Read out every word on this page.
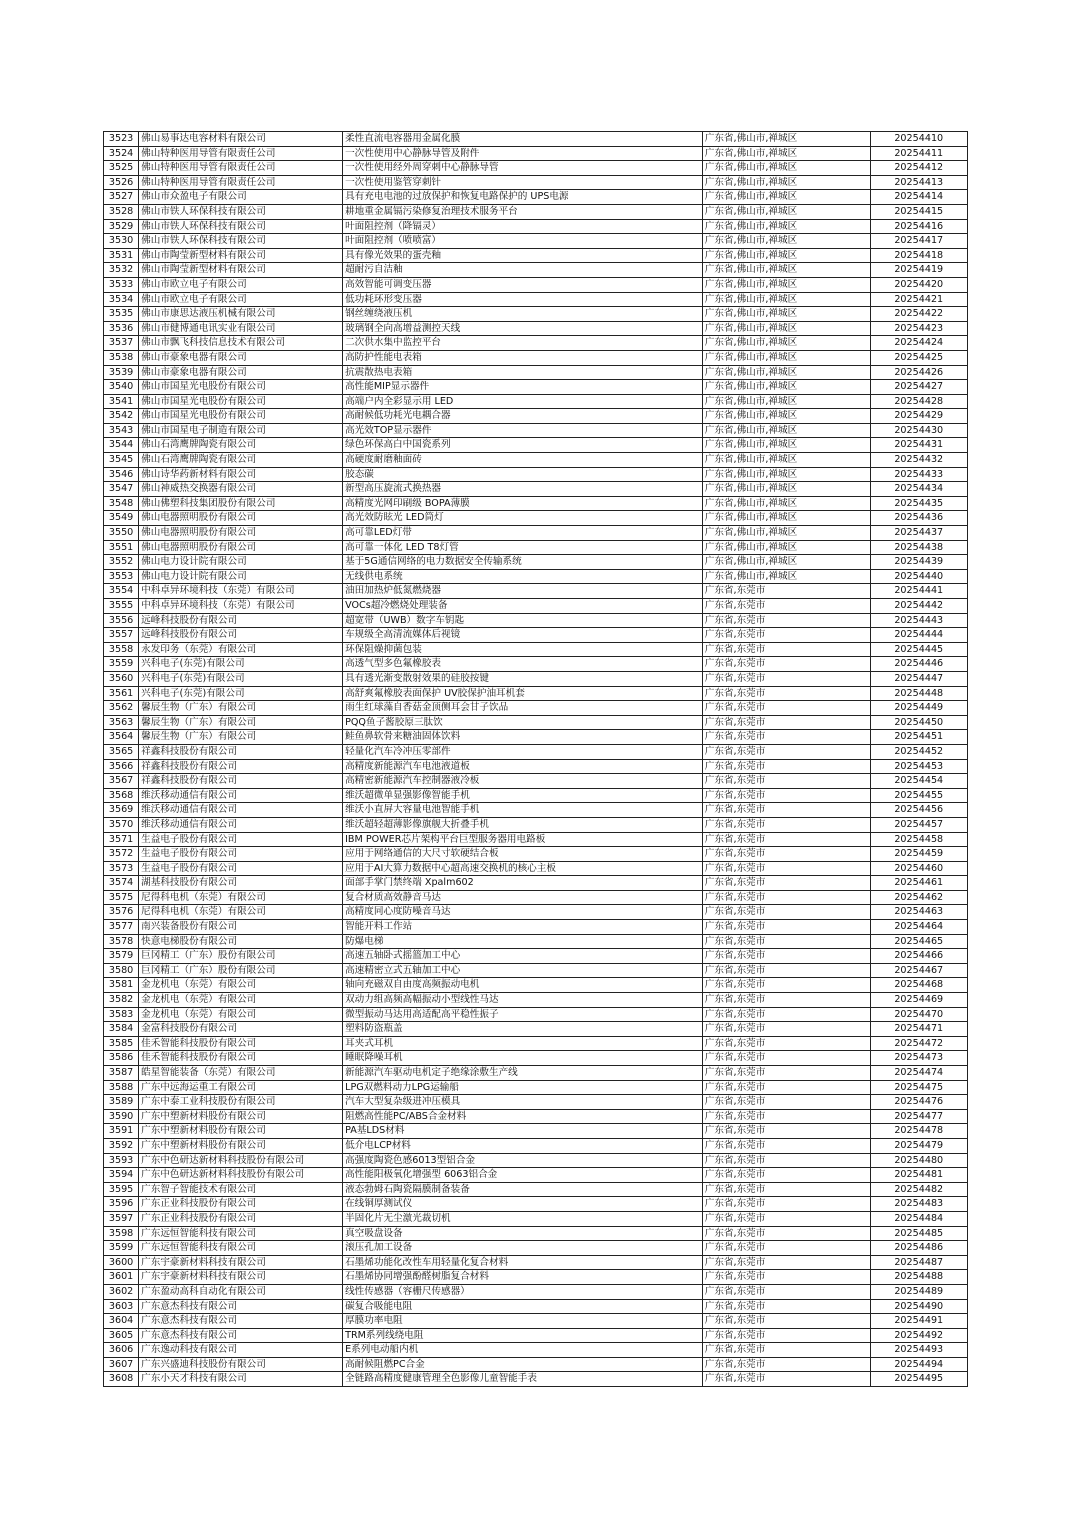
3523	佛山易事达电容材料有限公司	柔性直流电容器用金属化膜	广东省,佛山市,禅城区	20254410
3524	佛山特种医用导管有限责任公司	一次性使用中心静脉导管及附件	广东省,佛山市,禅城区	20254411
3525	佛山特种医用导管有限责任公司	一次性使用经外周穿刺中心静脉导管	广东省,佛山市,禅城区	20254412
3526	佛山特种医用导管有限责任公司	一次性使用鉴管穿刺针	广东省,佛山市,禅城区	20254413
3527	佛山市众盈电子有限公司	具有充电电池的过放保护和恢复电路保护的 UPS电源	广东省,佛山市,禅城区	20254414
3528	佛山市铁人环保科技有限公司	耕地重金属镉污染修复治理技术服务平台	广东省,佛山市,禅城区	20254415
3529	佛山市铁人环保科技有限公司	叶面阻控剂（降镉灵）	广东省,佛山市,禅城区	20254416
3530	佛山市铁人环保科技有限公司	叶面阻控剂（喷喷富）	广东省,佛山市,禅城区	20254417
3531	佛山市陶莹新型材料有限公司	具有像光效果的蛋壳釉	广东省,佛山市,禅城区	20254418
3532	佛山市陶莹新型材料有限公司	超耐污自洁釉	广东省,佛山市,禅城区	20254419
3533	佛山市欧立电子有限公司	高效智能可调变压器	广东省,佛山市,禅城区	20254420
3534	佛山市欧立电子有限公司	低功耗环形变压器	广东省,佛山市,禅城区	20254421
3535	佛山市康思达液压机械有限公司	钢丝缠绕液压机	广东省,佛山市,禅城区	20254422
3536	佛山市健博通电讯实业有限公司	玻璃钢全向高增益测控天线	广东省,佛山市,禅城区	20254423
3537	佛山市飘飞科技信息技术有限公司	二次供水集中监控平台	广东省,佛山市,禅城区	20254424
3538	佛山市豪象电器有限公司	高防护性能电表箱	广东省,佛山市,禅城区	20254425
3539	佛山市豪象电器有限公司	抗震散热电表箱	广东省,佛山市,禅城区	20254426
3540	佛山市国星光电股份有限公司	高性能MIP显示器件	广东省,佛山市,禅城区	20254427
3541	佛山市国星光电股份有限公司	高端户内全彩显示用 LED	广东省,佛山市,禅城区	20254428
3542	佛山市国星光电股份有限公司	高耐候低功耗光电耦合器	广东省,佛山市,禅城区	20254429
3543	佛山市国星电子制造有限公司	高光效TOP显示器件	广东省,佛山市,禅城区	20254430
3544	佛山石湾鹰牌陶瓷有限公司	绿色环保高白中国瓷系列	广东省,佛山市,禅城区	20254431
3545	佛山石湾鹰牌陶瓷有限公司	高硬度耐磨釉面砖	广东省,佛山市,禅城区	20254432
3546	佛山诗华药新材料有限公司	胶态碳	广东省,佛山市,禅城区	20254433
3547	佛山神威热交换器有限公司	新型高压旋流式换热器	广东省,佛山市,禅城区	20254434
3548	佛山佛塑科技集团股份有限公司	高精度光网印刷级 BOPA薄膜	广东省,佛山市,禅城区	20254435
3549	佛山电器照明股份有限公司	高光效防眩光 LED筒灯	广东省,佛山市,禅城区	20254436
3550	佛山电器照明股份有限公司	高可靠LED灯带	广东省,佛山市,禅城区	20254437
3551	佛山电器照明股份有限公司	高可靠一体化 LED T8灯管	广东省,佛山市,禅城区	20254438
3552	佛山电力设计院有限公司	基于5G通信网络的电力数据安全传输系统	广东省,佛山市,禅城区	20254439
3553	佛山电力设计院有限公司	无线供电系统	广东省,佛山市,禅城区	20254440
3554	中科卓异环境科技（东莞）有限公司	油田加热炉低氮燃烧器	广东省,东莞市	20254441
3555	中科卓异环境科技（东莞）有限公司	VOCs超冷燃烧处理装备	广东省,东莞市	20254442
3556	远峰科技股份有限公司	超宽带（UWB）数字车钥匙	广东省,东莞市	20254443
3557	远峰科技股份有限公司	车规级全高清流媒体后视镜	广东省,东莞市	20254444
3558	永发印务（东莞）有限公司	环保阻燥抑菌包装	广东省,东莞市	20254445
3559	兴科电子(东莞)有限公司	高透气型多色氟橡胶表	广东省,东莞市	20254446
3560	兴科电子(东莞)有限公司	具有透光渐变散射效果的硅胶按键	广东省,东莞市	20254447
3561	兴科电子(东莞)有限公司	高舒爽氟橡胶表面保护 UV胶保护油耳机套	广东省,东莞市	20254448
3562	馨辰生物（广东）有限公司	雨生红球藻自香菇金顶侧耳会甘子饮品	广东省,东莞市	20254449
3563	馨辰生物（广东）有限公司	PQQ鱼子酱胶原三肽饮	广东省,东莞市	20254450
3564	馨辰生物（广东）有限公司	鲑鱼鼻软骨来糖油固体饮料	广东省,东莞市	20254451
3565	祥鑫科技股份有限公司	轻量化汽车冷冲压零部件	广东省,东莞市	20254452
3566	祥鑫科技股份有限公司	高精度新能源汽车电池液道板	广东省,东莞市	20254453
3567	祥鑫科技股份有限公司	高精密新能源汽车控制器液冷板	广东省,东莞市	20254454
3568	维沃移动通信有限公司	维沃超微单显强影像智能手机	广东省,东莞市	20254455
3569	维沃移动通信有限公司	维沃小直屏大容量电池智能手机	广东省,东莞市	20254456
3570	维沃移动通信有限公司	维沃超轻超薄影像旗舰大折叠手机	广东省,东莞市	20254457
3571	生益电子股份有限公司	IBM POWER芯片架构平台巨型服务器用电路板	广东省,东莞市	20254458
3572	生益电子股份有限公司	应用于网络通信的大尺寸软硬结合板	广东省,东莞市	20254459
3573	生益电子股份有限公司	应用于AI大算力数据中心超高速交换机的核心主板	广东省,东莞市	20254460
3574	湖基科技股份有限公司	面部手掌门禁终端 Xpalm602	广东省,东莞市	20254461
3575	尼得科电机（东莞）有限公司	复合材质高效静音马达	广东省,东莞市	20254462
3576	尼得科电机（东莞）有限公司	高精度同心度防噪音马达	广东省,东莞市	20254463
3577	南兴装备股份有限公司	智能开料工作站	广东省,东莞市	20254464
3578	快意电梯股份有限公司	防爆电梯	广东省,东莞市	20254465
3579	巨冈精工（广东）股份有限公司	高速五轴卧式摇篮加工中心	广东省,东莞市	20254466
3580	巨冈精工（广东）股份有限公司	高速精密立式五轴加工中心	广东省,东莞市	20254467
3581	金龙机电（东莞）有限公司	轴向充磁双自由度高频振动电机	广东省,东莞市	20254468
3582	金龙机电（东莞）有限公司	双动力组高频高幅振动小型线性马达	广东省,东莞市	20254469
3583	金龙机电（东莞）有限公司	微型振动马达用高适配高平稳性振子	广东省,东莞市	20254470
3584	金富科技股份有限公司	塑料防盗瓶盖	广东省,东莞市	20254471
3585	佳禾智能科技股份有限公司	耳夹式耳机	广东省,东莞市	20254472
3586	佳禾智能科技股份有限公司	睡眠降噪耳机	广东省,东莞市	20254473
3587	皓星智能装备（东莞）有限公司	新能源汽车驱动电机定子绝缘涂敷生产线	广东省,东莞市	20254474
3588	广东中远海运重工有限公司	LPG双燃料动力LPG运输船	广东省,东莞市	20254475
3589	广东中泰工业科技股份有限公司	汽车大型复杂级进冲压模具	广东省,东莞市	20254476
3590	广东中塑新材料股份有限公司	阻燃高性能PC/ABS合金材料	广东省,东莞市	20254477
3591	广东中塑新材料股份有限公司	PA基LDS材料	广东省,东莞市	20254478
3592	广东中塑新材料股份有限公司	低介电LCP材料	广东省,东莞市	20254479
3593	广东中色研达新材料科技股份有限公司	高强度陶瓷色感6013型铝合金	广东省,东莞市	20254480
3594	广东中色研达新材料科技股份有限公司	高性能阳极氧化增强型 6063铝合金	广东省,东莞市	20254481
3595	广东智子智能技术有限公司	液态勃姆石陶瓷隔膜制备装备	广东省,东莞市	20254482
3596	广东正业科技股份有限公司	在线铜厚测试仪	广东省,东莞市	20254483
3597	广东正业科技股份有限公司	半固化片无尘激光裁切机	广东省,东莞市	20254484
3598	广东远恒智能科技有限公司	真空吸盘设备	广东省,东莞市	20254485
3599	广东远恒智能科技有限公司	滚压孔加工设备	广东省,东莞市	20254486
3600	广东宇豪新材料科技有限公司	石墨烯功能化改性车用轻量化复合材料	广东省,东莞市	20254487
3601	广东宇豪新材料科技有限公司	石墨烯协同增强酚醛树脂复合材料	广东省,东莞市	20254488
3602	广东盈动高科自动化有限公司	线性传感器（容栅尺传感器）	广东省,东莞市	20254489
3603	广东意杰科技有限公司	碳复合吸能电阻	广东省,东莞市	20254490
3604	广东意杰科技有限公司	厚膜功率电阻	广东省,东莞市	20254491
3605	广东意杰科技有限公司	TRM系列线绕电阻	广东省,东莞市	20254492
3606	广东逸动科技有限公司	E系列电动船内机	广东省,东莞市	20254493
3607	广东兴盛迪科技股份有限公司	高耐候阻燃PC合金	广东省,东莞市	20254494
3608	广东小天才科技有限公司	全链路高精度健康管理全色影像儿童智能手表	广东省,东莞市	20254495
